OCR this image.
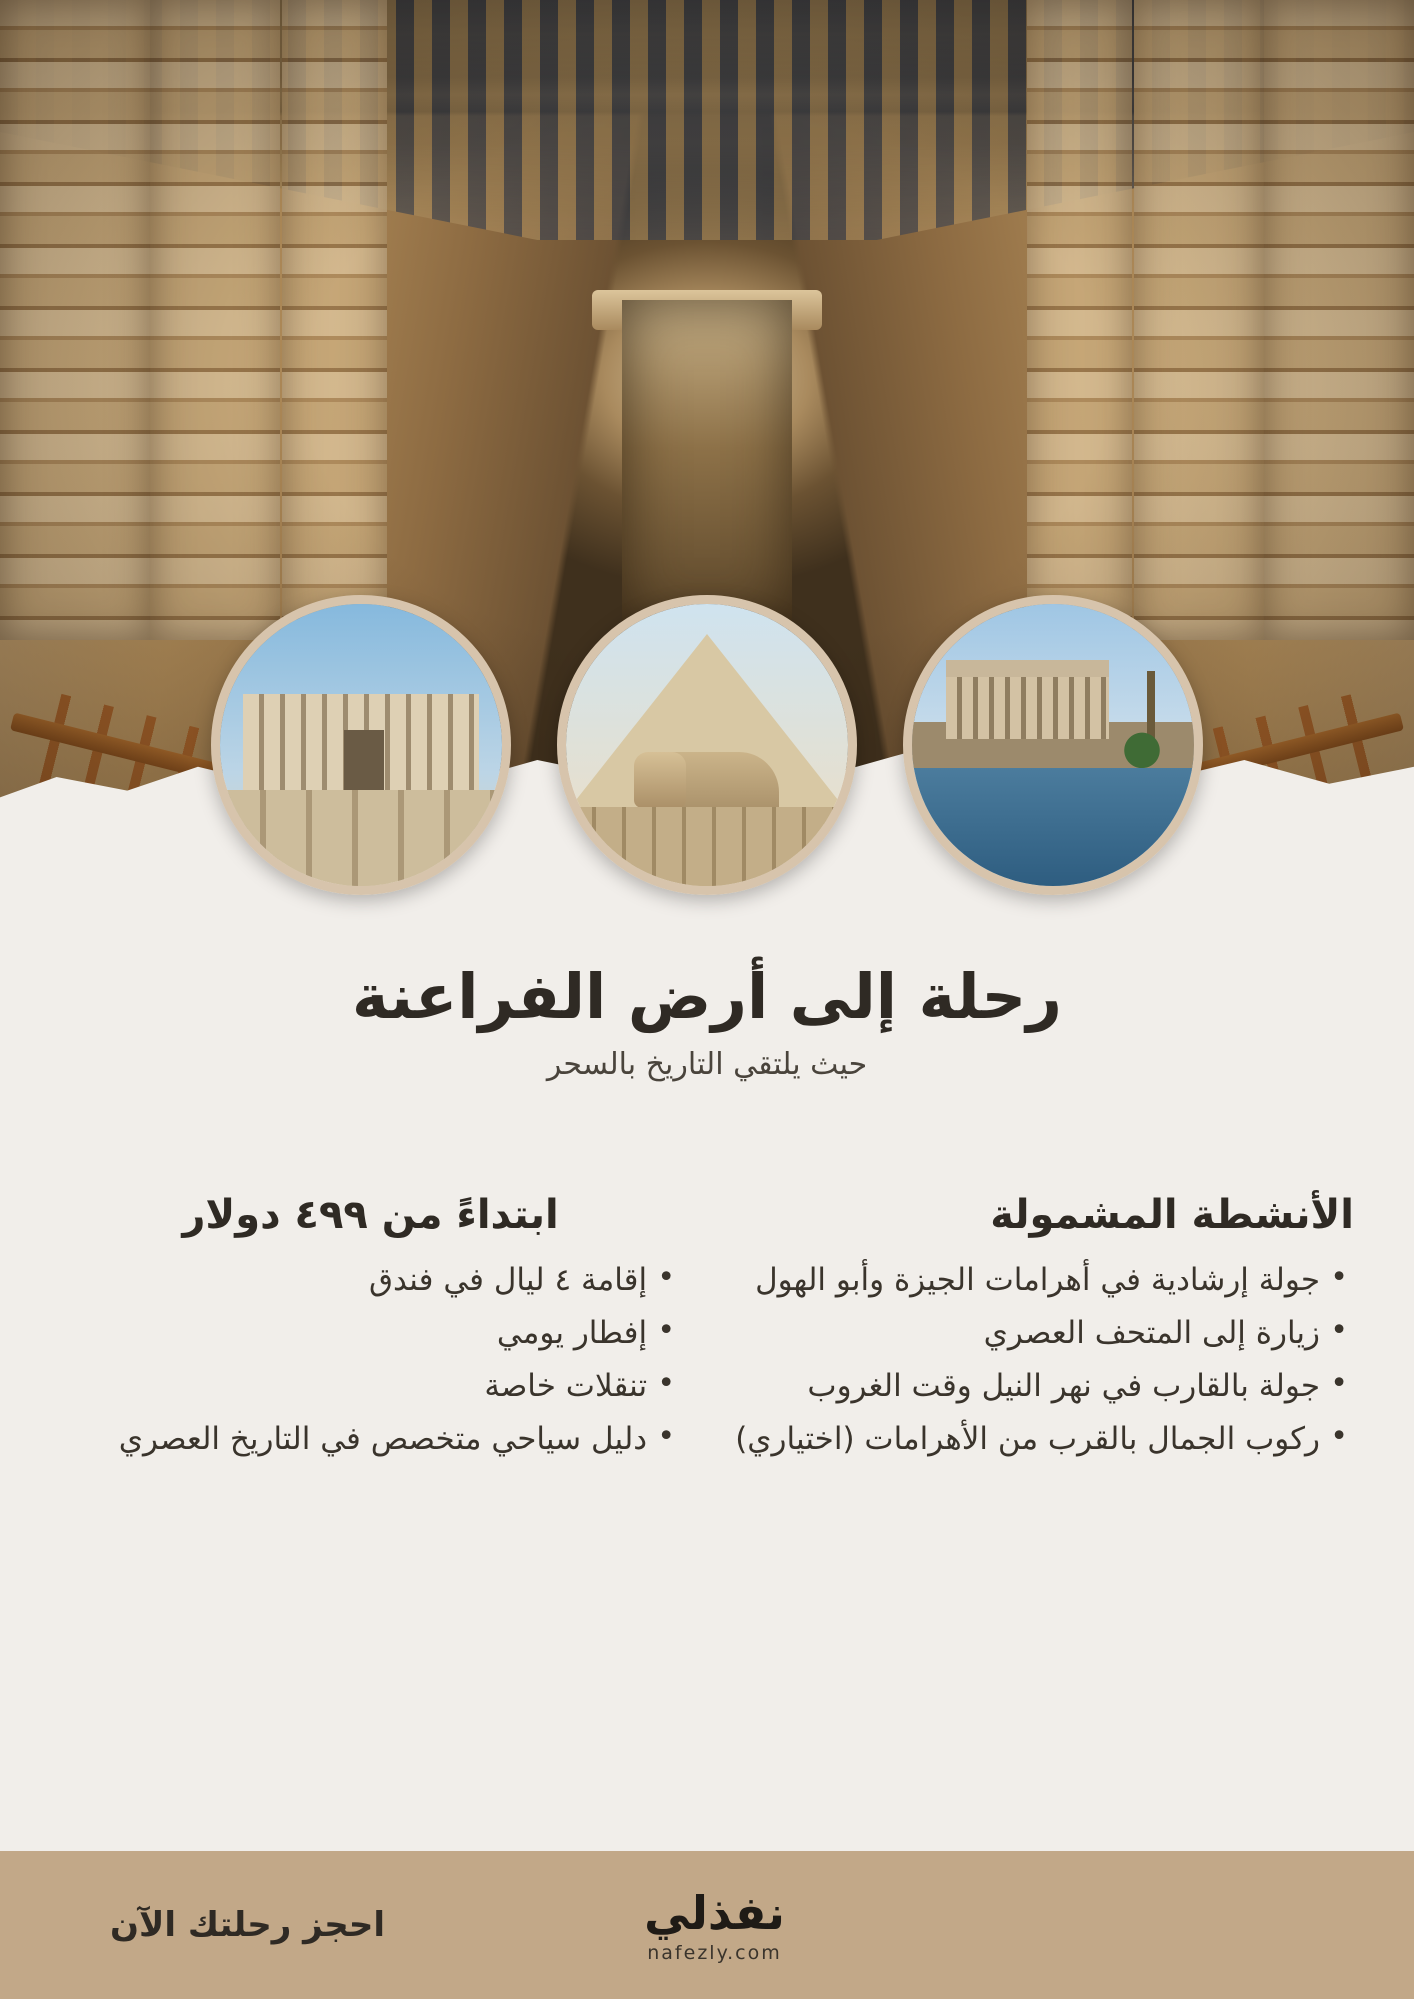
رحلة إلى أرض الفراعنة
حيث يلتقي التاريخ بالسحر
الأنشطة المشمولة
• جولة إرشادية في أهرامات الجيزة وأبو الهول
• زيارة إلى المتحف العصري
• جولة بالقارب في نهر النيل وقت الغروب
• ركوب الجمال بالقرب من الأهرامات (اختياري)
ابتداءً من ٤٩٩ دولار
• إقامة ٤ ليال في فندق
• إفطار يومي
• تنقلات خاصة
• دليل سياحي متخصص في التاريخ العصري
نفذلي
nafezly.com
احجز رحلتك الآن
